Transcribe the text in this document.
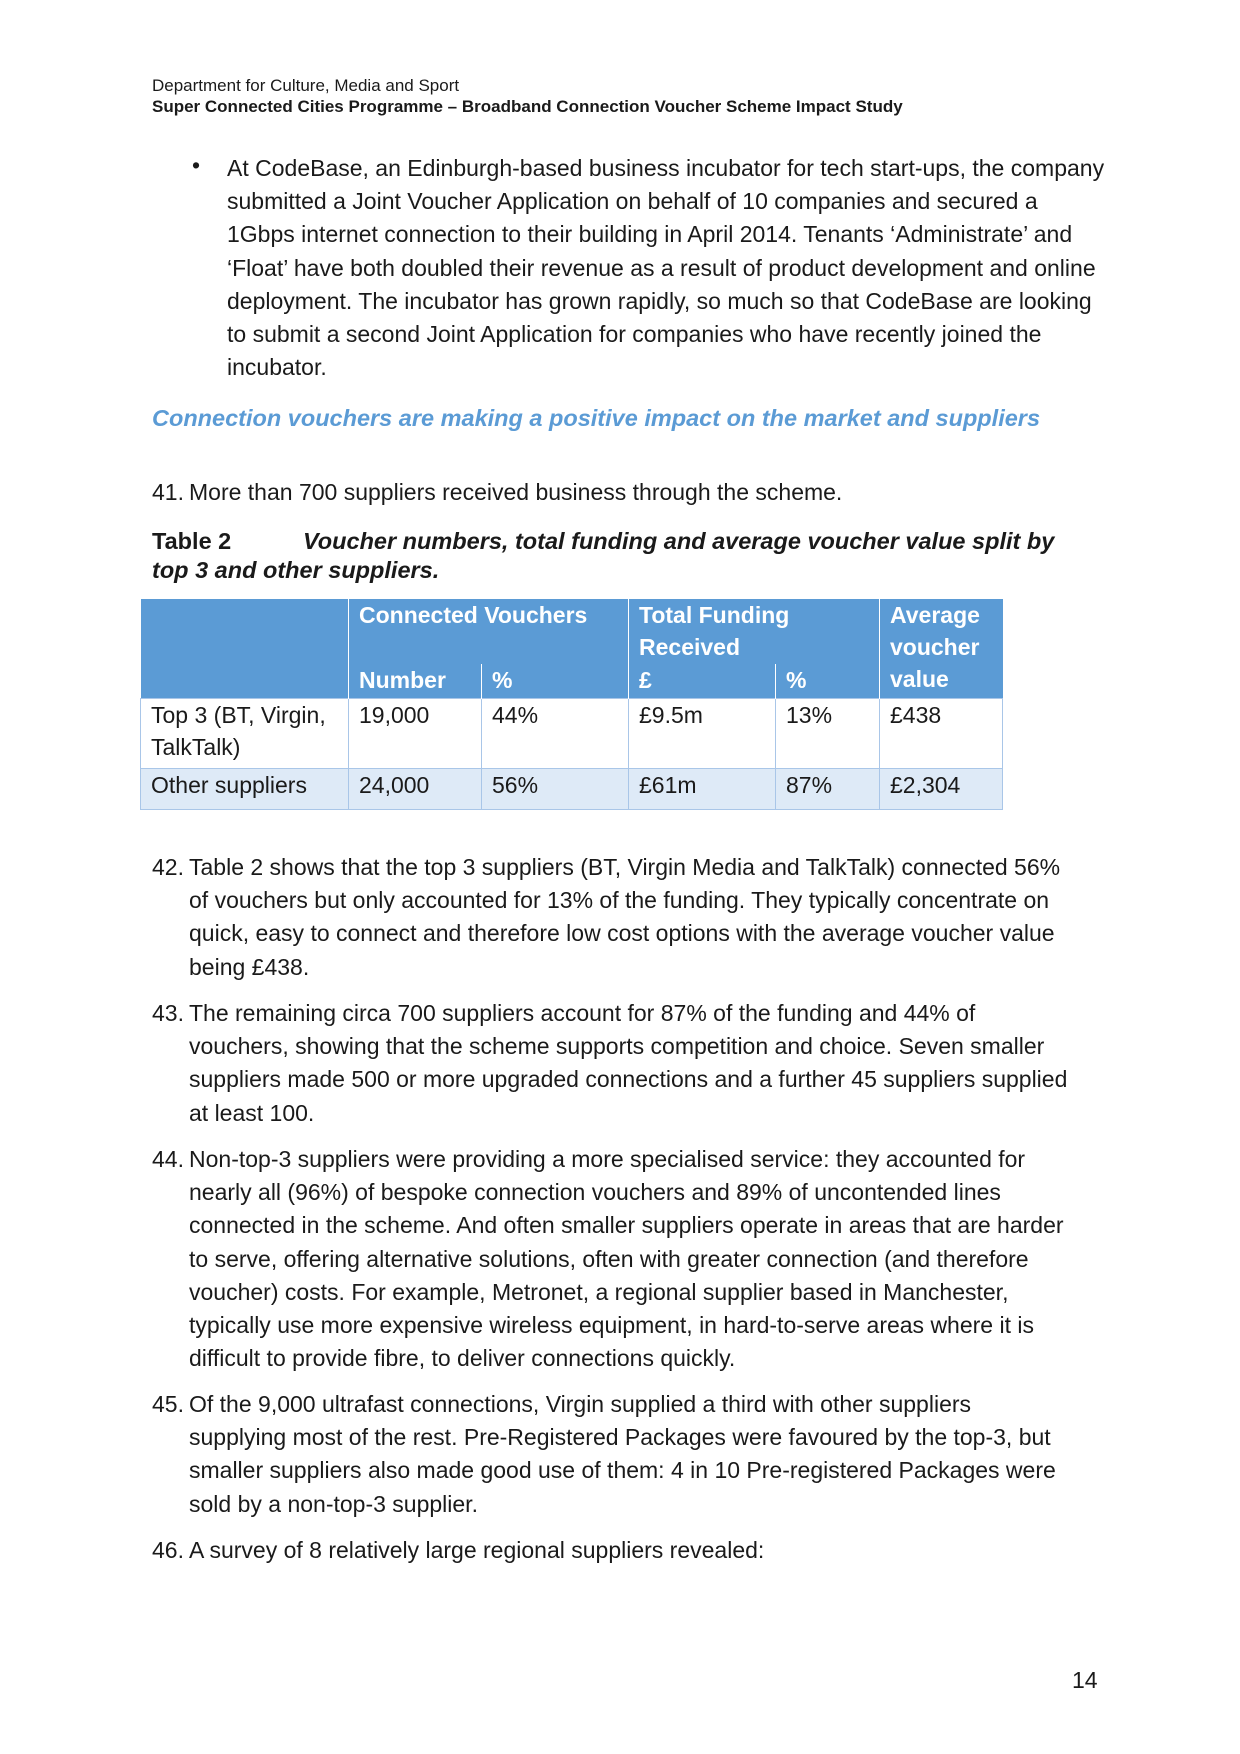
Department for Culture, Media and Sport
Super Connected Cities Programme – Broadband Connection Voucher Scheme Impact Study
• At CodeBase, an Edinburgh-based business incubator for tech start-ups, the company submitted a Joint Voucher Application on behalf of 10 companies and secured a 1Gbps internet connection to their building in April 2014. Tenants ‘Administrate’ and ‘Float’ have both doubled their revenue as a result of product development and online deployment. The incubator has grown rapidly, so much so that CodeBase are looking to submit a second Joint Application for companies who have recently joined the incubator.
Connection vouchers are making a positive impact on the market and suppliers
41. More than 700 suppliers received business through the scheme.
Table 2	Voucher numbers, total funding and average voucher value split by top 3 and other suppliers.
	Connected Vouchers		Total Funding Received		Average voucher value
	Number	%	£	%	
Top 3 (BT, Virgin, TalkTalk)	19,000	44%	£9.5m	13%	£438
Other suppliers	24,000	56%	£61m	87%	£2,304
42. Table 2 shows that the top 3 suppliers (BT, Virgin Media and TalkTalk) connected 56% of vouchers but only accounted for 13% of the funding. They typically concentrate on quick, easy to connect and therefore low cost options with the average voucher value being £438.
43. The remaining circa 700 suppliers account for 87% of the funding and 44% of vouchers, showing that the scheme supports competition and choice. Seven smaller suppliers made 500 or more upgraded connections and a further 45 suppliers supplied at least 100.
44. Non-top-3 suppliers were providing a more specialised service: they accounted for nearly all (96%) of bespoke connection vouchers and 89% of uncontended lines connected in the scheme. And often smaller suppliers operate in areas that are harder to serve, offering alternative solutions, often with greater connection (and therefore voucher) costs. For example, Metronet, a regional supplier based in Manchester, typically use more expensive wireless equipment, in hard-to-serve areas where it is difficult to provide fibre, to deliver connections quickly.
45. Of the 9,000 ultrafast connections, Virgin supplied a third with other suppliers supplying most of the rest. Pre-Registered Packages were favoured by the top-3, but smaller suppliers also made good use of them: 4 in 10 Pre-registered Packages were sold by a non-top-3 supplier.
46. A survey of 8 relatively large regional suppliers revealed:
14
